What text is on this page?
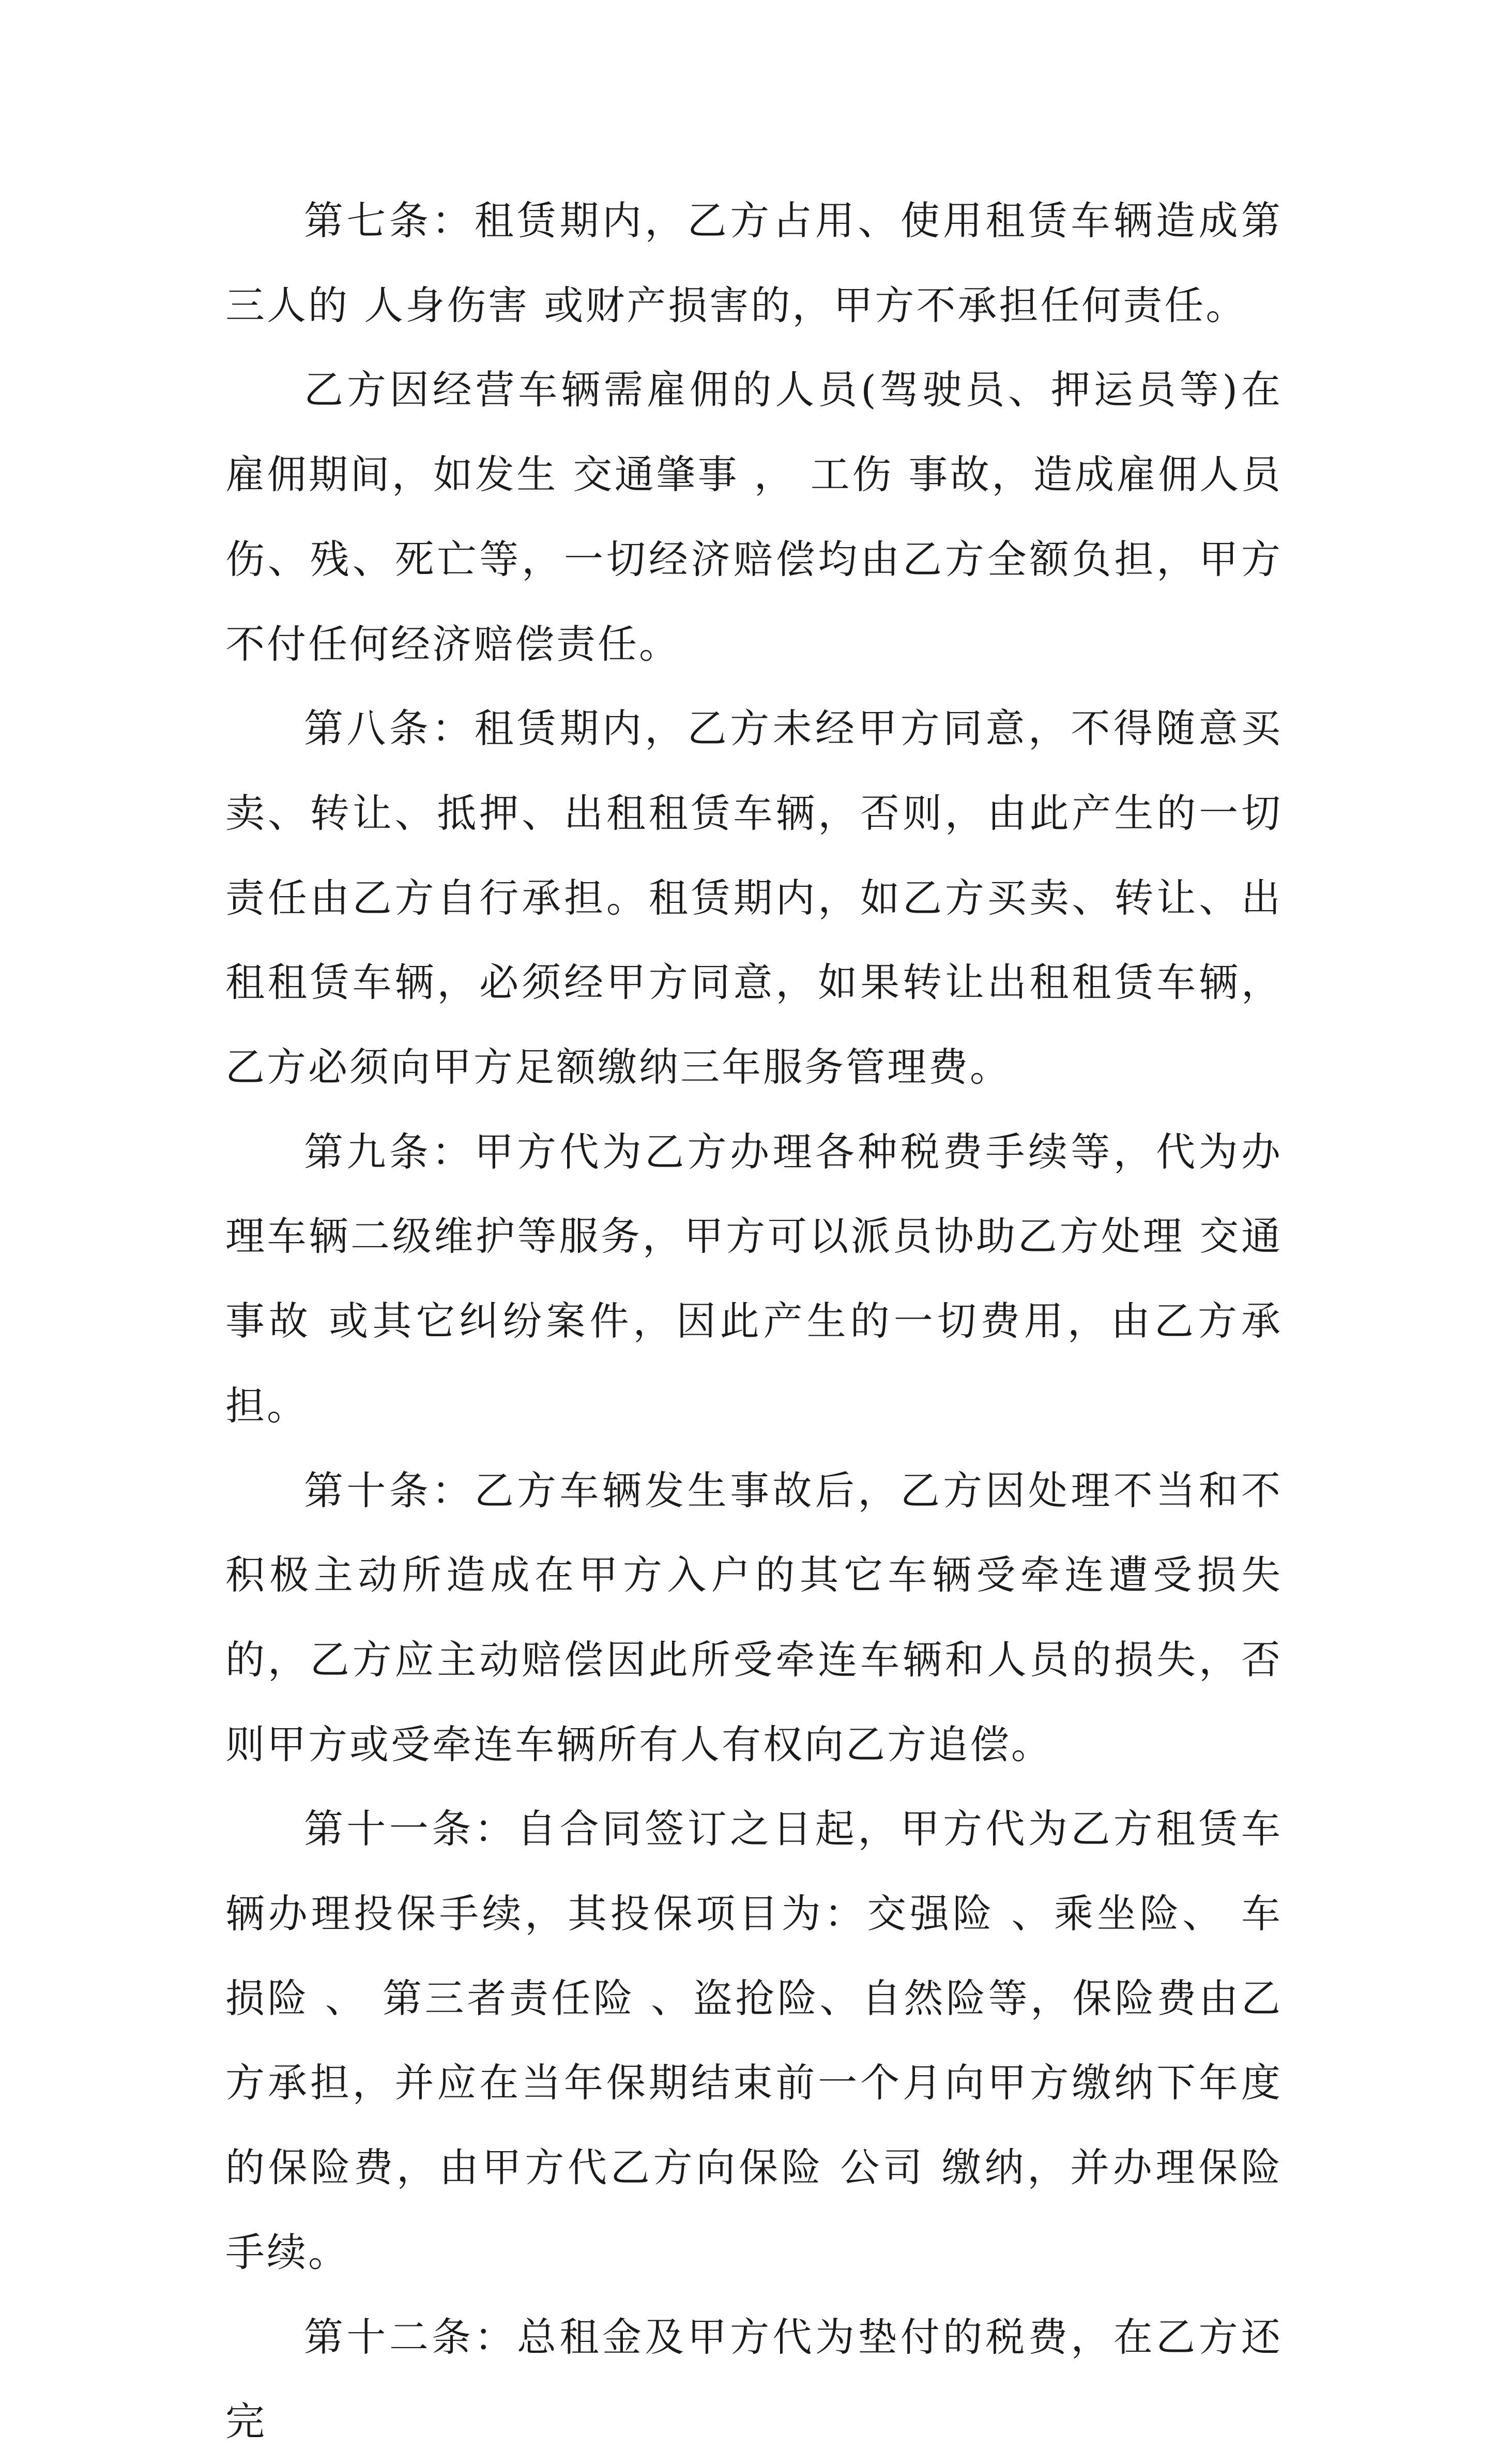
第七条：租赁期内，乙方占用、使用租赁车辆造成第三人的 人身伤害 或财产损害的，甲方不承担任何责任。

乙方因经营车辆需雇佣的人员(驾驶员、押运员等)在雇佣期间，如发生 交通肇事 ， 工伤 事故，造成雇佣人员伤、残、死亡等，一切经济赔偿均由乙方全额负担，甲方不付任何经济赔偿责任。

第八条：租赁期内，乙方未经甲方同意，不得随意买卖、转让、抵押、出租租赁车辆，否则，由此产生的一切责任由乙方自行承担。租赁期内，如乙方买卖、转让、出租租赁车辆，必须经甲方同意，如果转让出租租赁车辆，乙方必须向甲方足额缴纳三年服务管理费。

第九条：甲方代为乙方办理各种税费手续等，代为办理车辆二级维护等服务，甲方可以派员协助乙方处理 交通事故 或其它纠纷案件，因此产生的一切费用，由乙方承担。

第十条：乙方车辆发生事故后，乙方因处理不当和不积极主动所造成在甲方入户的其它车辆受牵连遭受损失的，乙方应主动赔偿因此所受牵连车辆和人员的损失，否则甲方或受牵连车辆所有人有权向乙方追偿。

第十一条：自合同签订之日起，甲方代为乙方租赁车辆办理投保手续，其投保项目为：交强险 、乘坐险、 车损险 、 第三者责任险 、盗抢险、自然险等，保险费由乙方承担，并应在当年保期结束前一个月向甲方缴纳下年度的保险费，由甲方代乙方向保险 公司 缴纳，并办理保险手续。

第十二条：总租金及甲方代为垫付的税费，在乙方还完
